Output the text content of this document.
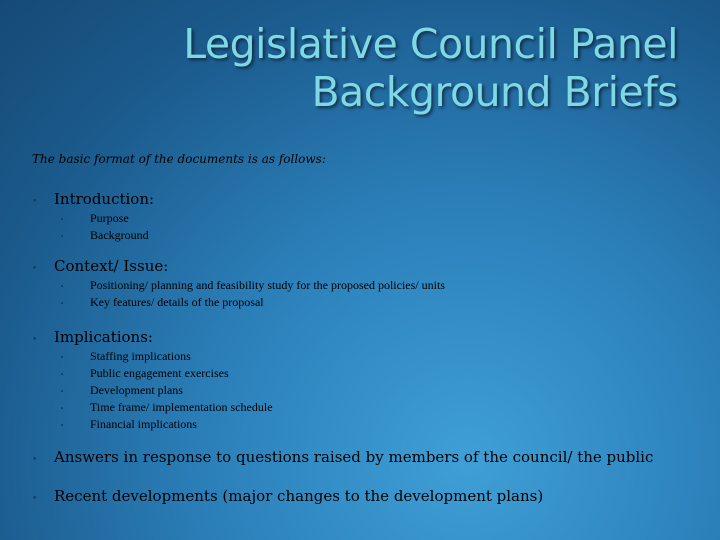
Legislative Council Panel
Background Briefs
The basic format of the documents is as follows:
•	Introduction:
•	Purpose
•	Background
•	Context/ Issue:
•	Positioning/ planning and feasibility study for the proposed policies/ units
•	Key features/ details of the proposal
•	Implications:
•	Staffing implications
•	Public engagement exercises
•	Development plans
•	Time frame/ implementation schedule
•	Financial implications
•	Answers in response to questions raised by members of the council/ the public
•	Recent developments (major changes to the development plans)
